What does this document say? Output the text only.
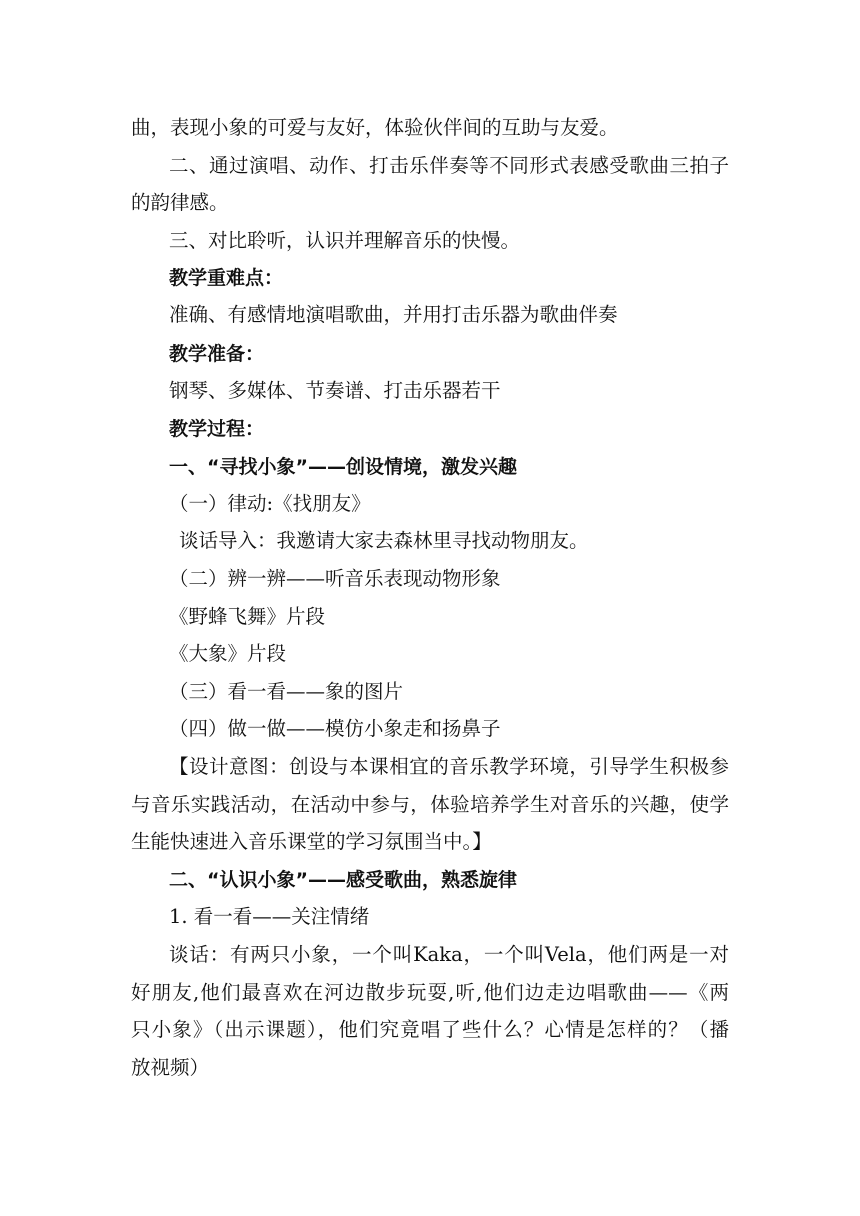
曲，表现小象的可爱与友好，体验伙伴间的互助与友爱。
二、通过演唱、动作、打击乐伴奏等不同形式表感受歌曲三拍子
的韵律感。
三、对比聆听，认识并理解音乐的快慢。
教学重难点：
准确、有感情地演唱歌曲，并用打击乐器为歌曲伴奏
教学准备：
钢琴、多媒体、节奏谱、打击乐器若干
教学过程：
一、“寻找小象”——创设情境，激发兴趣
（一）律动:《找朋友》
谈话导入：我邀请大家去森林里寻找动物朋友。
（二）辨一辨——听音乐表现动物形象
《野蜂飞舞》片段
《大象》片段
（三）看一看——象的图片
（四）做一做——模仿小象走和扬鼻子
【设计意图：创设与本课相宜的音乐教学环境，引导学生积极参
与音乐实践活动，在活动中参与，体验培养学生对音乐的兴趣，使学
生能快速进入音乐课堂的学习氛围当中。】
二、“认识小象”——感受歌曲，熟悉旋律
1. 看一看——关注情绪
谈话：有两只小象，一个叫Kaka，一个叫Vela，他们两是一对
好朋友,他们最喜欢在河边散步玩耍,听,他们边走边唱歌曲——《两
只小象》（出示课题），他们究竟唱了些什么？心情是怎样的？（播
放视频）
